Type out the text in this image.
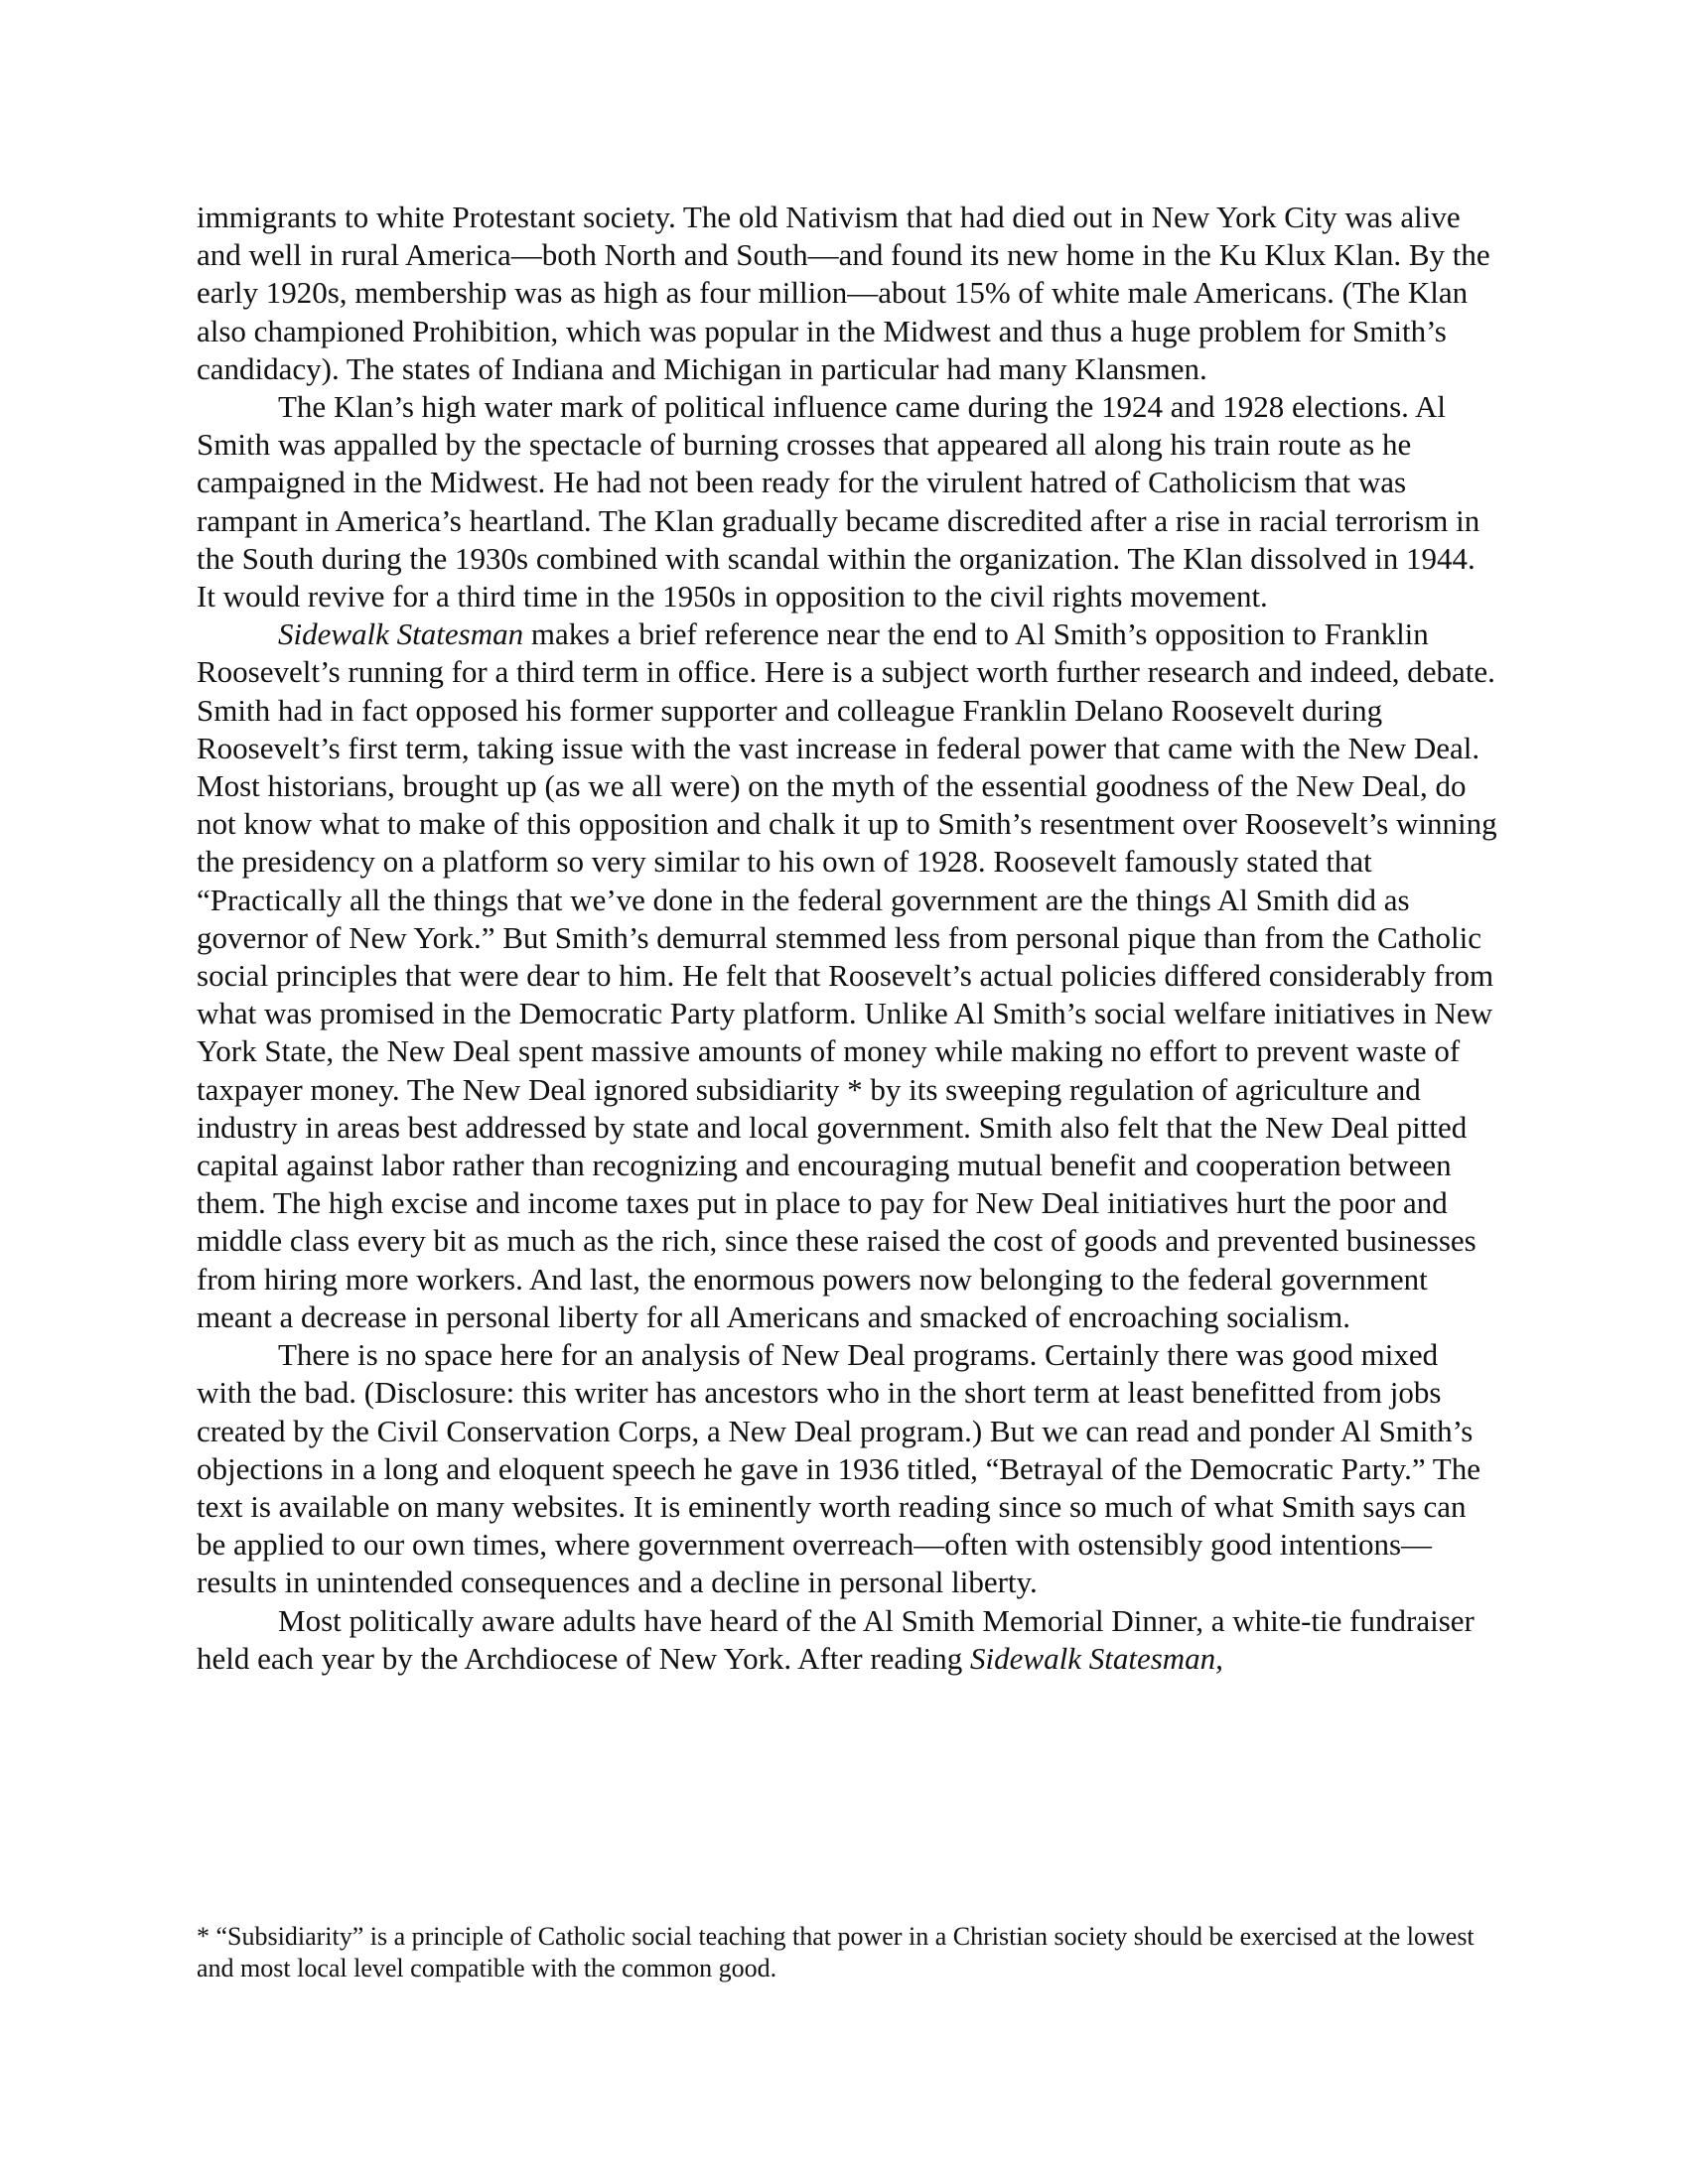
immigrants to white Protestant society. The old Nativism that had died out in New York City was alive and well in rural America—both North and South—and found its new home in the Ku Klux Klan. By the early 1920s, membership was as high as four million—about 15% of white male Americans. (The Klan also championed Prohibition, which was popular in the Midwest and thus a huge problem for Smith’s candidacy). The states of Indiana and Michigan in particular had many Klansmen.

The Klan’s high water mark of political influence came during the 1924 and 1928 elections. Al Smith was appalled by the spectacle of burning crosses that appeared all along his train route as he campaigned in the Midwest. He had not been ready for the virulent hatred of Catholicism that was rampant in America’s heartland. The Klan gradually became discredited after a rise in racial terrorism in the South during the 1930s combined with scandal within the organization. The Klan dissolved in 1944. It would revive for a third time in the 1950s in opposition to the civil rights movement.

Sidewalk Statesman makes a brief reference near the end to Al Smith’s opposition to Franklin Roosevelt’s running for a third term in office. Here is a subject worth further research and indeed, debate. Smith had in fact opposed his former supporter and colleague Franklin Delano Roosevelt during Roosevelt’s first term, taking issue with the vast increase in federal power that came with the New Deal. Most historians, brought up (as we all were) on the myth of the essential goodness of the New Deal, do not know what to make of this opposition and chalk it up to Smith’s resentment over Roosevelt’s winning the presidency on a platform so very similar to his own of 1928. Roosevelt famously stated that “Practically all the things that we’ve done in the federal government are the things Al Smith did as governor of New York.” But Smith’s demurral stemmed less from personal pique than from the Catholic social principles that were dear to him. He felt that Roosevelt’s actual policies differed considerably from what was promised in the Democratic Party platform. Unlike Al Smith’s social welfare initiatives in New York State, the New Deal spent massive amounts of money while making no effort to prevent waste of taxpayer money. The New Deal ignored subsidiarity * by its sweeping regulation of agriculture and industry in areas best addressed by state and local government. Smith also felt that the New Deal pitted capital against labor rather than recognizing and encouraging mutual benefit and cooperation between them. The high excise and income taxes put in place to pay for New Deal initiatives hurt the poor and middle class every bit as much as the rich, since these raised the cost of goods and prevented businesses from hiring more workers. And last, the enormous powers now belonging to the federal government meant a decrease in personal liberty for all Americans and smacked of encroaching socialism.

There is no space here for an analysis of New Deal programs. Certainly there was good mixed with the bad. (Disclosure: this writer has ancestors who in the short term at least benefitted from jobs created by the Civil Conservation Corps, a New Deal program.) But we can read and ponder Al Smith’s objections in a long and eloquent speech he gave in 1936 titled, “Betrayal of the Democratic Party.” The text is available on many websites. It is eminently worth reading since so much of what Smith says can be applied to our own times, where government overreach—often with ostensibly good intentions—results in unintended consequences and a decline in personal liberty.

Most politically aware adults have heard of the Al Smith Memorial Dinner, a white-tie fundraiser held each year by the Archdiocese of New York. After reading Sidewalk Statesman,

* “Subsidiarity” is a principle of Catholic social teaching that power in a Christian society should be exercised at the lowest and most local level compatible with the common good.
